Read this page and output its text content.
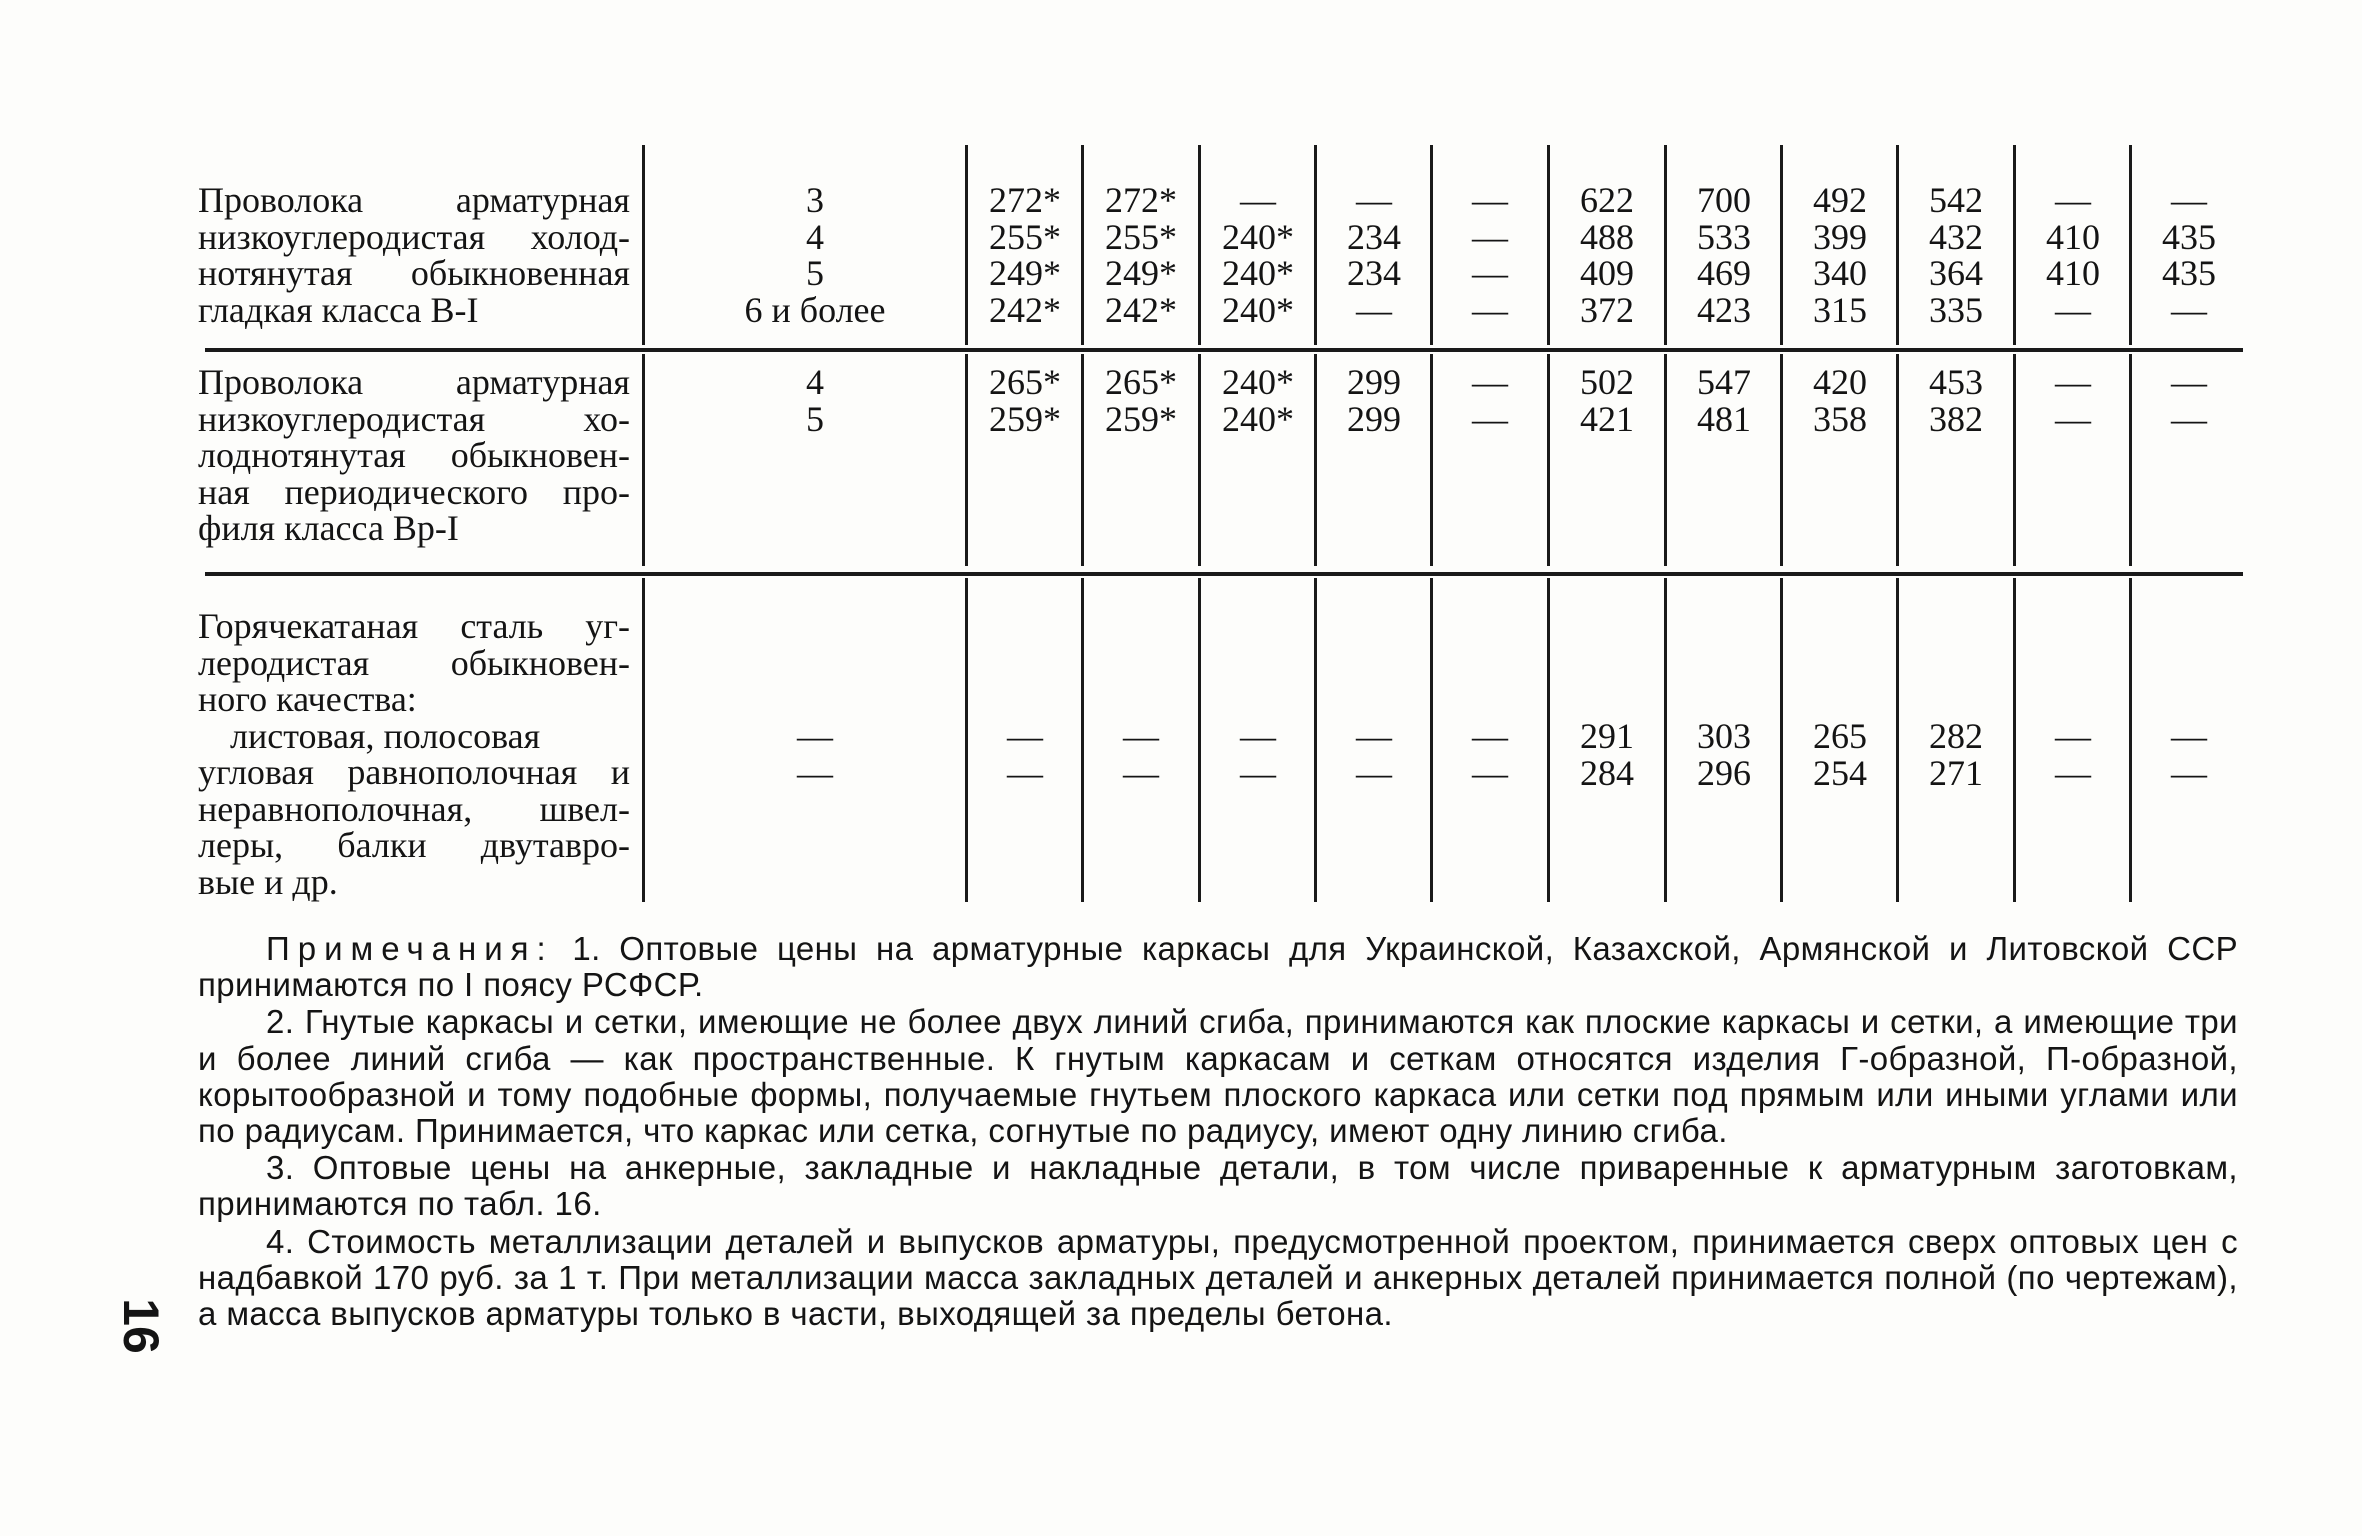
Проволока арматурная
низкоуглеродистая холод-
нотянутая обыкновенная
гладкая класса В-I
3
4
5
6 и более
272*
255*
249*
242*
272*
255*
249*
242*
—
240*
240*
240*
—
234
234
—
—
—
—
—
622
488
409
372
700
533
469
423
492
399
340
315
542
432
364
335
—
410
410
—
—
435
435
—
Проволока арматурная
низкоуглеродистая хо-
лоднотянутая обыкновен-
ная периодического про-
филя класса Вр-I
4
5
265*
259*
265*
259*
240*
240*
299
299
—
—
502
421
547
481
420
358
453
382
—
—
—
—
Горячекатаная сталь уг-
леродистая обыкновен-
ного качества:
листовая, полосовая
угловая равнополочная и
неравнополочная, швел-
леры, балки двутавро-
вые и др.
—
—
—
—
—
—
—
—
—
—
—
—
291
284
303
296
265
254
282
271
—
—
—
—

Примечания: 1. Оптовые цены на арматурные каркасы для Украинской, Казахской, Армянской и Литовской ССР принимаются по I поясу РСФСР.

2. Гнутые каркасы и сетки, имеющие не более двух линий сгиба, принимаются как плоские каркасы и сетки, а имеющие три и более линий сгиба — как пространственные. К гнутым каркасам и сеткам относятся изделия Г-образной, П-образной, корытообразной и тому подобные формы, получаемые гнутьем плоского каркаса или сетки под прямым или иными углами или по радиусам. Принимается, что каркас или сетка, согнутые по радиусу, имеют одну линию сгиба.

3. Оптовые цены на анкерные, закладные и накладные детали, в том числе приваренные к арматурным заготовкам, принимаются по табл. 16.

4. Стоимость металлизации деталей и выпусков арматуры, предусмотренной проектом, принимается сверх оптовых цен с надбавкой 170 руб. за 1 т. При металлизации масса закладных деталей и анкерных деталей принимается полной (по чертежам), а масса выпусков арматуры только в части, выходящей за пределы бетона.

16
